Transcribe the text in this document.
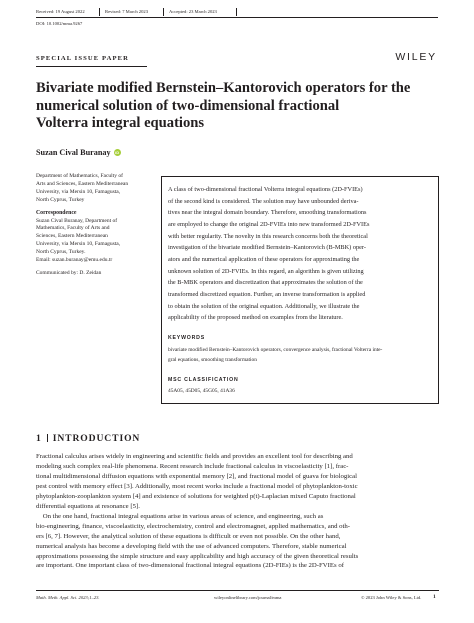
Received: 19 August 2022	Revised: 7 March 2023	Accepted: 23 March 2023
DOI: 10.1002/mma.9267
SPECIAL ISSUE PAPER	WILEY
Bivariate modified Bernstein–Kantorovich operators for the
numerical solution of two-dimensional fractional
Volterra integral equations
Suzan Cival Buranay iD
Department of Mathematics, Faculty of
Arts and Sciences, Eastern Mediterranean
University, via Mersin 10, Famagusta,
North Cyprus, Turkey
Correspondence
Suzan Cival Buranay, Department of
Mathematics, Faculty of Arts and
Sciences, Eastern Mediterranean
University, via Mersin 10, Famagusta,
North Cyprus, Turkey.
Email: suzan.buranay@emu.edu.tr
Communicated by: D. Zeidan
A class of two-dimensional fractional Volterra integral equations (2D-FVIEs)
of the second kind is considered. The solution may have unbounded deriva-
tives near the integral domain boundary. Therefore, smoothing transformations
are employed to change the original 2D-FVIEs into new transformed 2D-FVIEs
with better regularity. The novelty in this research concerns both the theoretical
investigation of the bivariate modified Bernstein–Kantorovich (B-MBK) oper-
ators and the numerical application of these operators for approximating the
unknown solution of 2D-FVIEs. In this regard, an algorithm is given utilizing
the B-MBK operators and discretization that approximates the solution of the
transformed discretized equation. Further, an inverse transformation is applied
to obtain the solution of the original equation. Additionally, we illustrate the
applicability of the proposed method on examples from the literature.
KEYWORDS
bivariate modified Bernstein–Kantorovich operators, convergence analysis, fractional Volterra inte-
gral equations, smoothing transformation
MSC CLASSIFICATION
45A05, 45D05, 45G05, 41A36
1 INTRODUCTION
Fractional calculus arises widely in engineering and scientific fields and provides an excellent tool for describing and
modeling such complex real-life phenomena. Recent research include fractional calculus in viscoelasticity [1], frac-
tional multidimensional diffusion equations with exponential memory [2], and fractional model of guava for biological
pest control with memory effect [3]. Additionally, most recent works include a fractional model of phytoplankton-toxic
phytoplankton-zooplankton system [4] and existence of solutions for weighted p(t)-Laplacian mixed Caputo fractional
differential equations at resonance [5].
On the one hand, fractional integral equations arise in various areas of science, and engineering, such as
bio-engineering, finance, viscoelasticity, electrochemistry, control and electromagnet, applied mathematics, and oth-
ers [6, 7]. However, the analytical solution of these equations is difficult or even not possible. On the other hand,
numerical analysis has become a developing field with the use of advanced computers. Therefore, stable numerical
approximations possessing the simple structure and easy applicability and high accuracy of the given theoretical results
are important. One important class of two-dimensional fractional integral equations (2D-FIEs) is the 2D-FVIEs of
Math. Meth. Appl. Sci. 2023;1–23.	wileyonlinelibrary.com/journal/mma	© 2023 John Wiley & Sons, Ltd. 1
